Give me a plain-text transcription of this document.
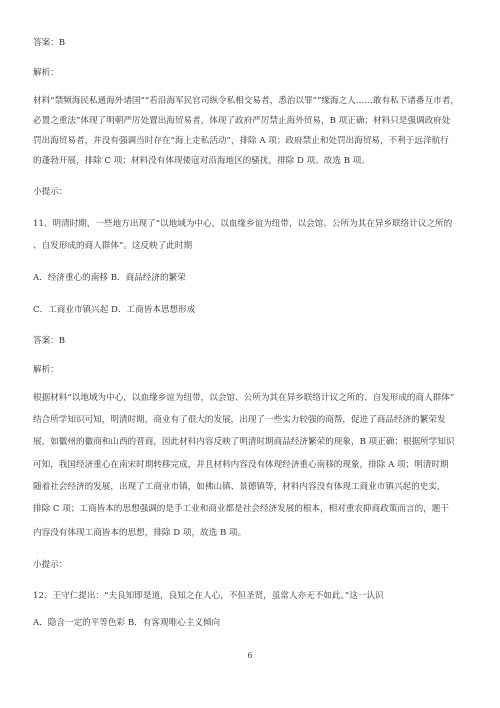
答案：B

解析：

材料“禁频海民私通海外诸国”“若沿海军民官司纵令私相交易者，悉治以罪”“缘海之人……敢有私下诸番互市者，

必置之重法”体现了明朝严厉处置出海贸易者，体现了政府严厉禁止海外贸易，B 项正确；材料只是强调政府处

罚出海贸易者，并没有强调当时存在“海上走私活动”，排除 A 项；政府禁止和处罚出海贸易，不利于远洋航行

的蓬勃开展，排除 C 项；材料没有体现倭寇对沿海地区的骚扰，排除 D 项。故选 B 项。

小提示：

11、明清时期，一些地方出现了“以地域为中心，以血缘乡谊为纽带，以会馆、公所为其在异乡联络计议之所的

、自发形成的商人群体”。这反映了此时期

A．经济重心的南移 B．商品经济的繁荣

C．工商业市镇兴起 D．工商皆本思想形成

答案：B

解析：

根据材料“以地域为中心，以血缘乡谊为纽带，以会馆、公所为其在异乡联络计议之所的、自发形成的商人群体”

结合所学知识可知，明清时期，商业有了很大的发展，出现了一些实力较强的商帮，促进了商品经济的繁荣发

展，如徽州的徽商和山西的晋商，因此材料内容反映了明清时期商品经济繁荣的现象，B 项正确；根据所学知识

可知，我国经济重心在南宋时期转移完成，并且材料内容没有体现经济重心南移的现象，排除 A 项；明清时期

随着社会经济的发展，出现了工商业市镇，如佛山镇、景德镇等，材料内容没有体现工商业市镇兴起的史实，

排除 C 项；工商皆本的思想强调的是手工业和商业都是社会经济发展的根本，相对重农抑商政策而言的，题干

内容没有体现工商皆本的思想，排除 D 项，故选 B 项。

小提示：

12、王守仁提出：“夫良知即是道，良知之在人心，不但圣贤，虽常人亦无不如此。”这一认识

A．隐含一定的平等色彩 B．有客观唯心主义倾向

6
